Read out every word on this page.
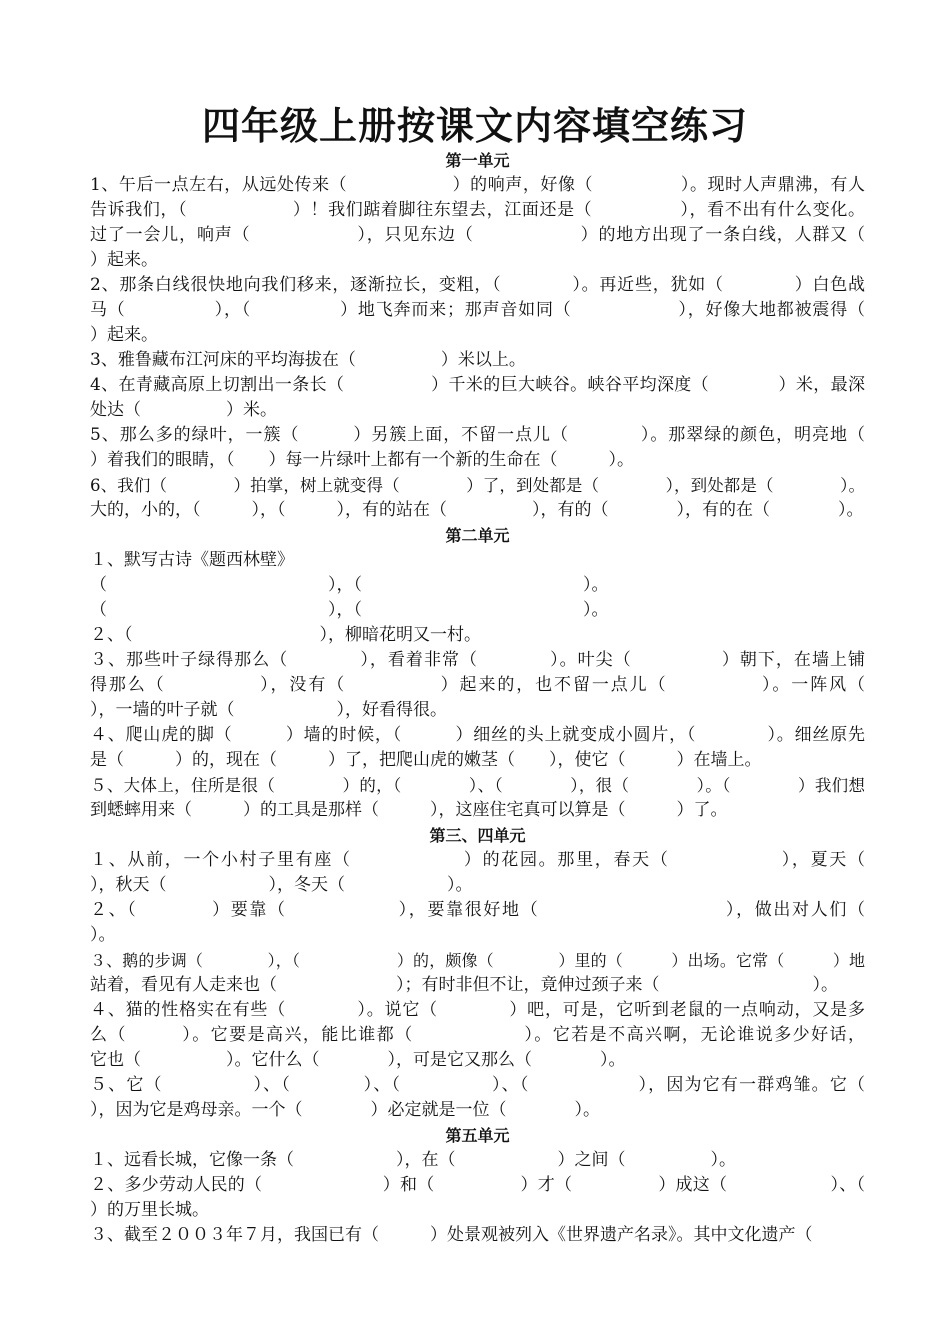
四年级上册按课文内容填空练习
第一单元
1、午后一点左右，从远处传来（　　　　　　）的响声，好像（　　　　　）。现时人声鼎沸，有人
告诉我们，（　　　　　　）！我们踮着脚往东望去，江面还是（　　　　　），看不出有什么变化。
过了一会儿，响声（　　　　　　），只见东边（　　　　　　）的地方出现了一条白线，人群又（
）起来。
2、那条白线很快地向我们移来，逐渐拉长，变粗，（　　　　）。再近些，犹如（　　　　）白色战
马（　　　　　），（　　　　　）地飞奔而来；那声音如同（　　　　　　），好像大地都被震得（
）起来。
3、雅鲁藏布江河床的平均海拔在（　　　　　）米以上。
4、在青藏高原上切割出一条长（　　　　　）千米的巨大峡谷。峡谷平均深度（　　　　）米，最深
处达（　　　　　）米。
5、那么多的绿叶，一簇（　　　）另簇上面，不留一点儿（　　　　）。那翠绿的颜色，明亮地（
）着我们的眼睛，（　　）每一片绿叶上都有一个新的生命在（　　　）。
6、我们（　　　　）拍掌，树上就变得（　　　　）了，到处都是（　　　　），到处都是（　　　　）。
大的，小的，（　　　），（　　　），有的站在（　　　　　），有的（　　　　），有的在（　　　　）。
第二单元
１、默写古诗《题西林壁》
（　　　　　　　　　　　　　），（　　　　　　　　　　　　　）。
（　　　　　　　　　　　　　），（　　　　　　　　　　　　　）。
２、（　　　　　　　　　　　），柳暗花明又一村。
３、那些叶子绿得那么（　　　　），看着非常（　　　　）。叶尖（　　　　　）朝下，在墙上铺
得那么（　　　　　），没有（　　　　　）起来的，也不留一点儿（　　　　　）。一阵风（
），一墙的叶子就（　　　　　　），好看得很。
４、爬山虎的脚（　　　）墙的时候，（　　　）细丝的头上就变成小圆片，（　　　　）。细丝原先
是（　　　）的，现在（　　　）了，把爬山虎的嫩茎（　　），使它（　　　）在墙上。
５、大体上，住所是很（　　　　）的，（　　　　）、（　　　　），很（　　　　）。（　　　　）我们想
到蟋蟀用来（　　　）的工具是那样（　　　），这座住宅真可以算是（　　　）了。
第三、四单元
１、从前，一个小村子里有座（　　　　　　）的花园。那里，春天（　　　　　　），夏天（
），秋天（　　　　　　），冬天（　　　　　　）。
２、（　　　　）要靠（　　　　　　），要靠很好地（　　　　　　　　　　），做出对人们（
）。
３、鹅的步调（　　　　），（　　　　　　）的，颇像（　　　　）里的（　　　）出场。它常（　　　）地
站着，看见有人走来也（　　　　　　　）；有时非但不让，竟伸过颈子来（　　　　　　　　　）。
４、猫的性格实在有些（　　　　）。说它（　　　　）吧，可是，它听到老鼠的一点响动，又是多
么（　　　）。它要是高兴，能比谁都（　　　　　　）。它若是不高兴啊，无论谁说多少好话，
它也（　　　　　）。它什么（　　　　），可是它又那么（　　　　）。
５、它（　　　　　）、（　　　　）、（　　　　　）、（　　　　　　），因为它有一群鸡雏。它（
），因为它是鸡母亲。一个（　　　　）必定就是一位（　　　　）。
第五单元
１、远看长城，它像一条（　　　　　　），在（　　　　　　）之间（　　　　　）。
２、多少劳动人民的（　　　　　　　）和（　　　　　）才（　　　　　）成这（　　　　　　）、（
）的万里长城。
３、截至２００３年７月，我国已有（　　　）处景观被列入《世界遗产名录》。其中文化遗产（
